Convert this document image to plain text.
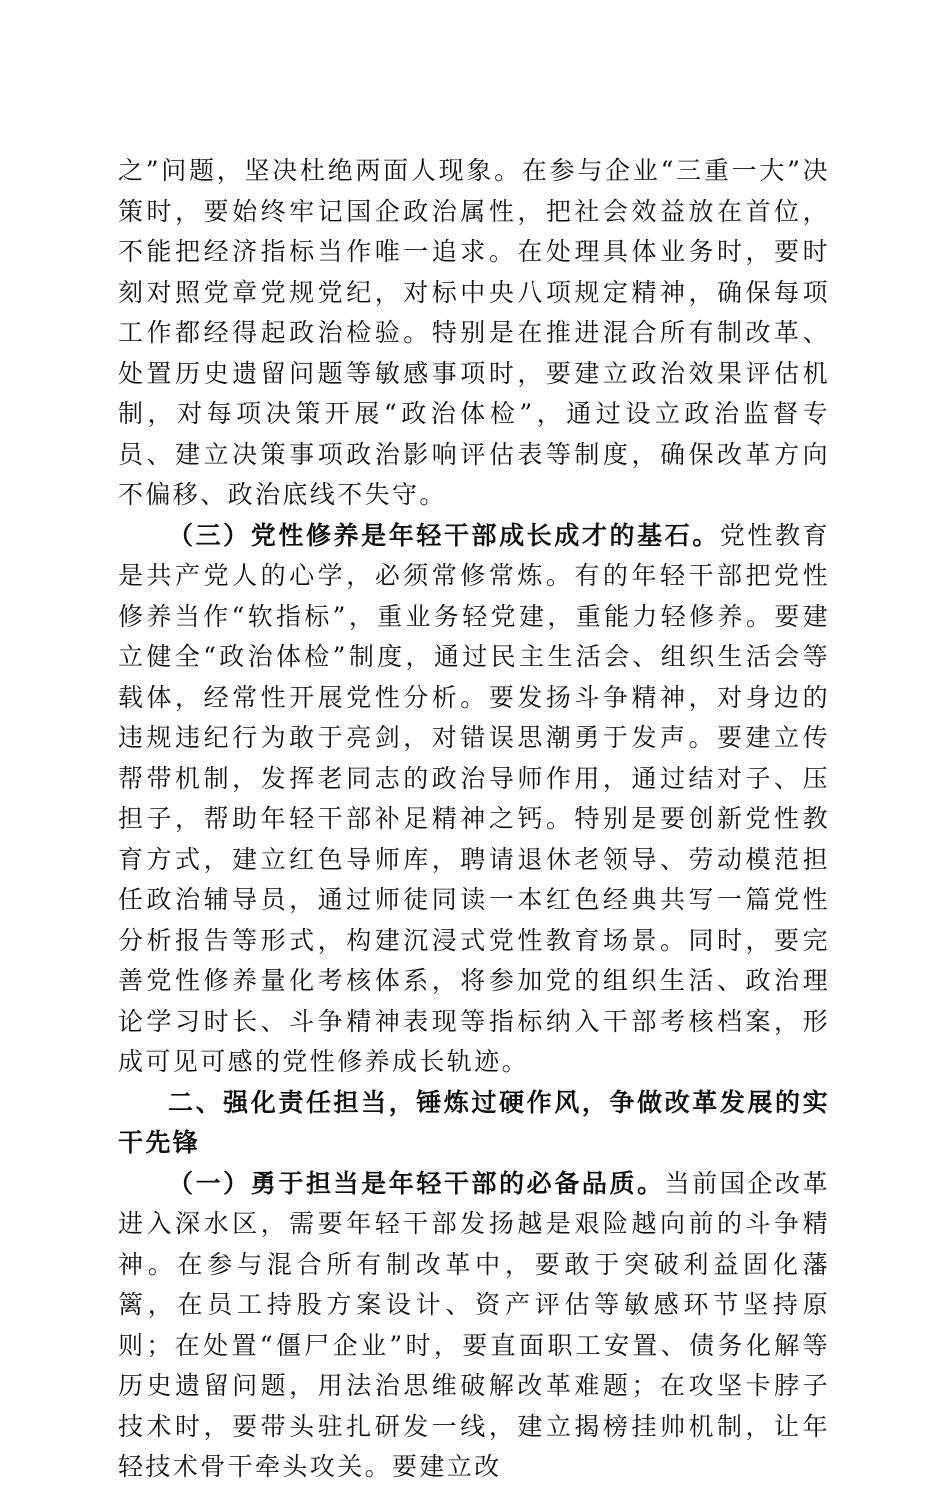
之”问题，坚决杜绝两面人现象。在参与企业“三重一大”决策时，要始终牢记国企政治属性，把社会效益放在首位，不能把经济指标当作唯一追求。在处理具体业务时，要时刻对照党章党规党纪，对标中央八项规定精神，确保每项工作都经得起政治检验。特别是在推进混合所有制改革、处置历史遗留问题等敏感事项时，要建立政治效果评估机制，对每项决策开展“政治体检”，通过设立政治监督专员、建立决策事项政治影响评估表等制度，确保改革方向不偏移、政治底线不失守。

（三）党性修养是年轻干部成长成才的基石。党性教育是共产党人的心学，必须常修常炼。有的年轻干部把党性修养当作“软指标”，重业务轻党建，重能力轻修养。要建立健全“政治体检”制度，通过民主生活会、组织生活会等载体，经常性开展党性分析。要发扬斗争精神，对身边的违规违纪行为敢于亮剑，对错误思潮勇于发声。要建立传帮带机制，发挥老同志的政治导师作用，通过结对子、压担子，帮助年轻干部补足精神之钙。特别是要创新党性教育方式，建立红色导师库，聘请退休老领导、劳动模范担任政治辅导员，通过师徒同读一本红色经典共写一篇党性分析报告等形式，构建沉浸式党性教育场景。同时，要完善党性修养量化考核体系，将参加党的组织生活、政治理论学习时长、斗争精神表现等指标纳入干部考核档案，形成可见可感的党性修养成长轨迹。

二、强化责任担当，锤炼过硬作风，争做改革发展的实干先锋

（一）勇于担当是年轻干部的必备品质。当前国企改革进入深水区，需要年轻干部发扬越是艰险越向前的斗争精神。在参与混合所有制改革中，要敢于突破利益固化藩篱，在员工持股方案设计、资产评估等敏感环节坚持原则；在处置“僵尸企业”时，要直面职工安置、债务化解等历史遗留问题，用法治思维破解改革难题；在攻坚卡脖子技术时，要带头驻扎研发一线，建立揭榜挂帅机制，让年轻技术骨干牵头攻关。要建立改
